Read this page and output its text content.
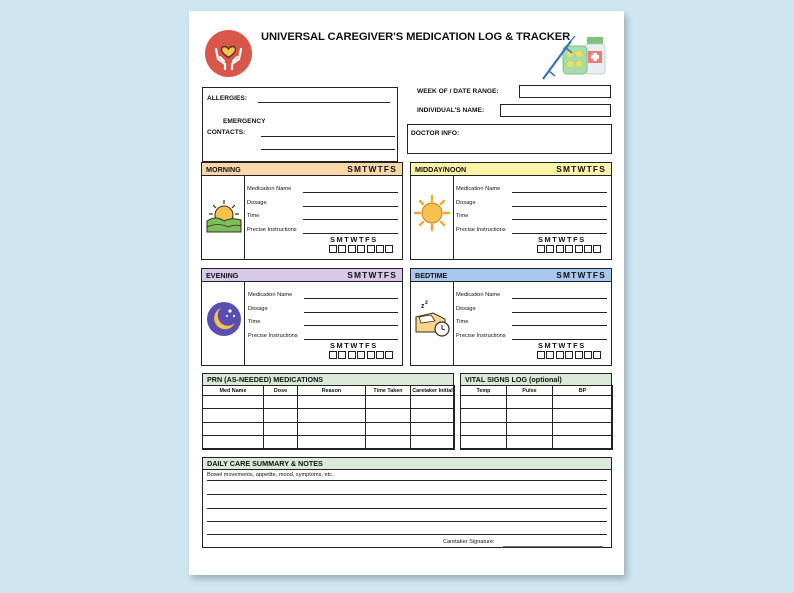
UNIVERSAL CAREGIVER'S MEDICATION LOG & TRACKER
ALLERGIES:
EMERGENCY
CONTACTS:
WEEK OF / DATE RANGE:
INDIVIDUAL'S NAME:
DOCTOR INFO:
MORNING	SMTWTFS
Medication Name
Dosage
Time
Precise Instructions
SMTWTFS
MIDDAY/NOON	SMTWTFS
Medication Name
Dosage
Time
Precise Instructions
SMTWTFS
EVENING	SMTWTFS
Medication Name
Dosage
Time
Precise Instructions
SMTWTFS
BEDTIME	SMTWTFS
z z
Medication Name
Dosage
Time
Precise Instructions
SMTWTFS
PRN (AS-NEEDED) MEDICATIONS
Med Name	Dose	Reason	Time Taken	Caretaker Initial

VITAL SIGNS LOG (optional)
Temp	Pulse	BP

DAILY CARE SUMMARY & NOTES
Bowel movements, appetite, mood, symptoms, etc.
Caretaker Signature:
